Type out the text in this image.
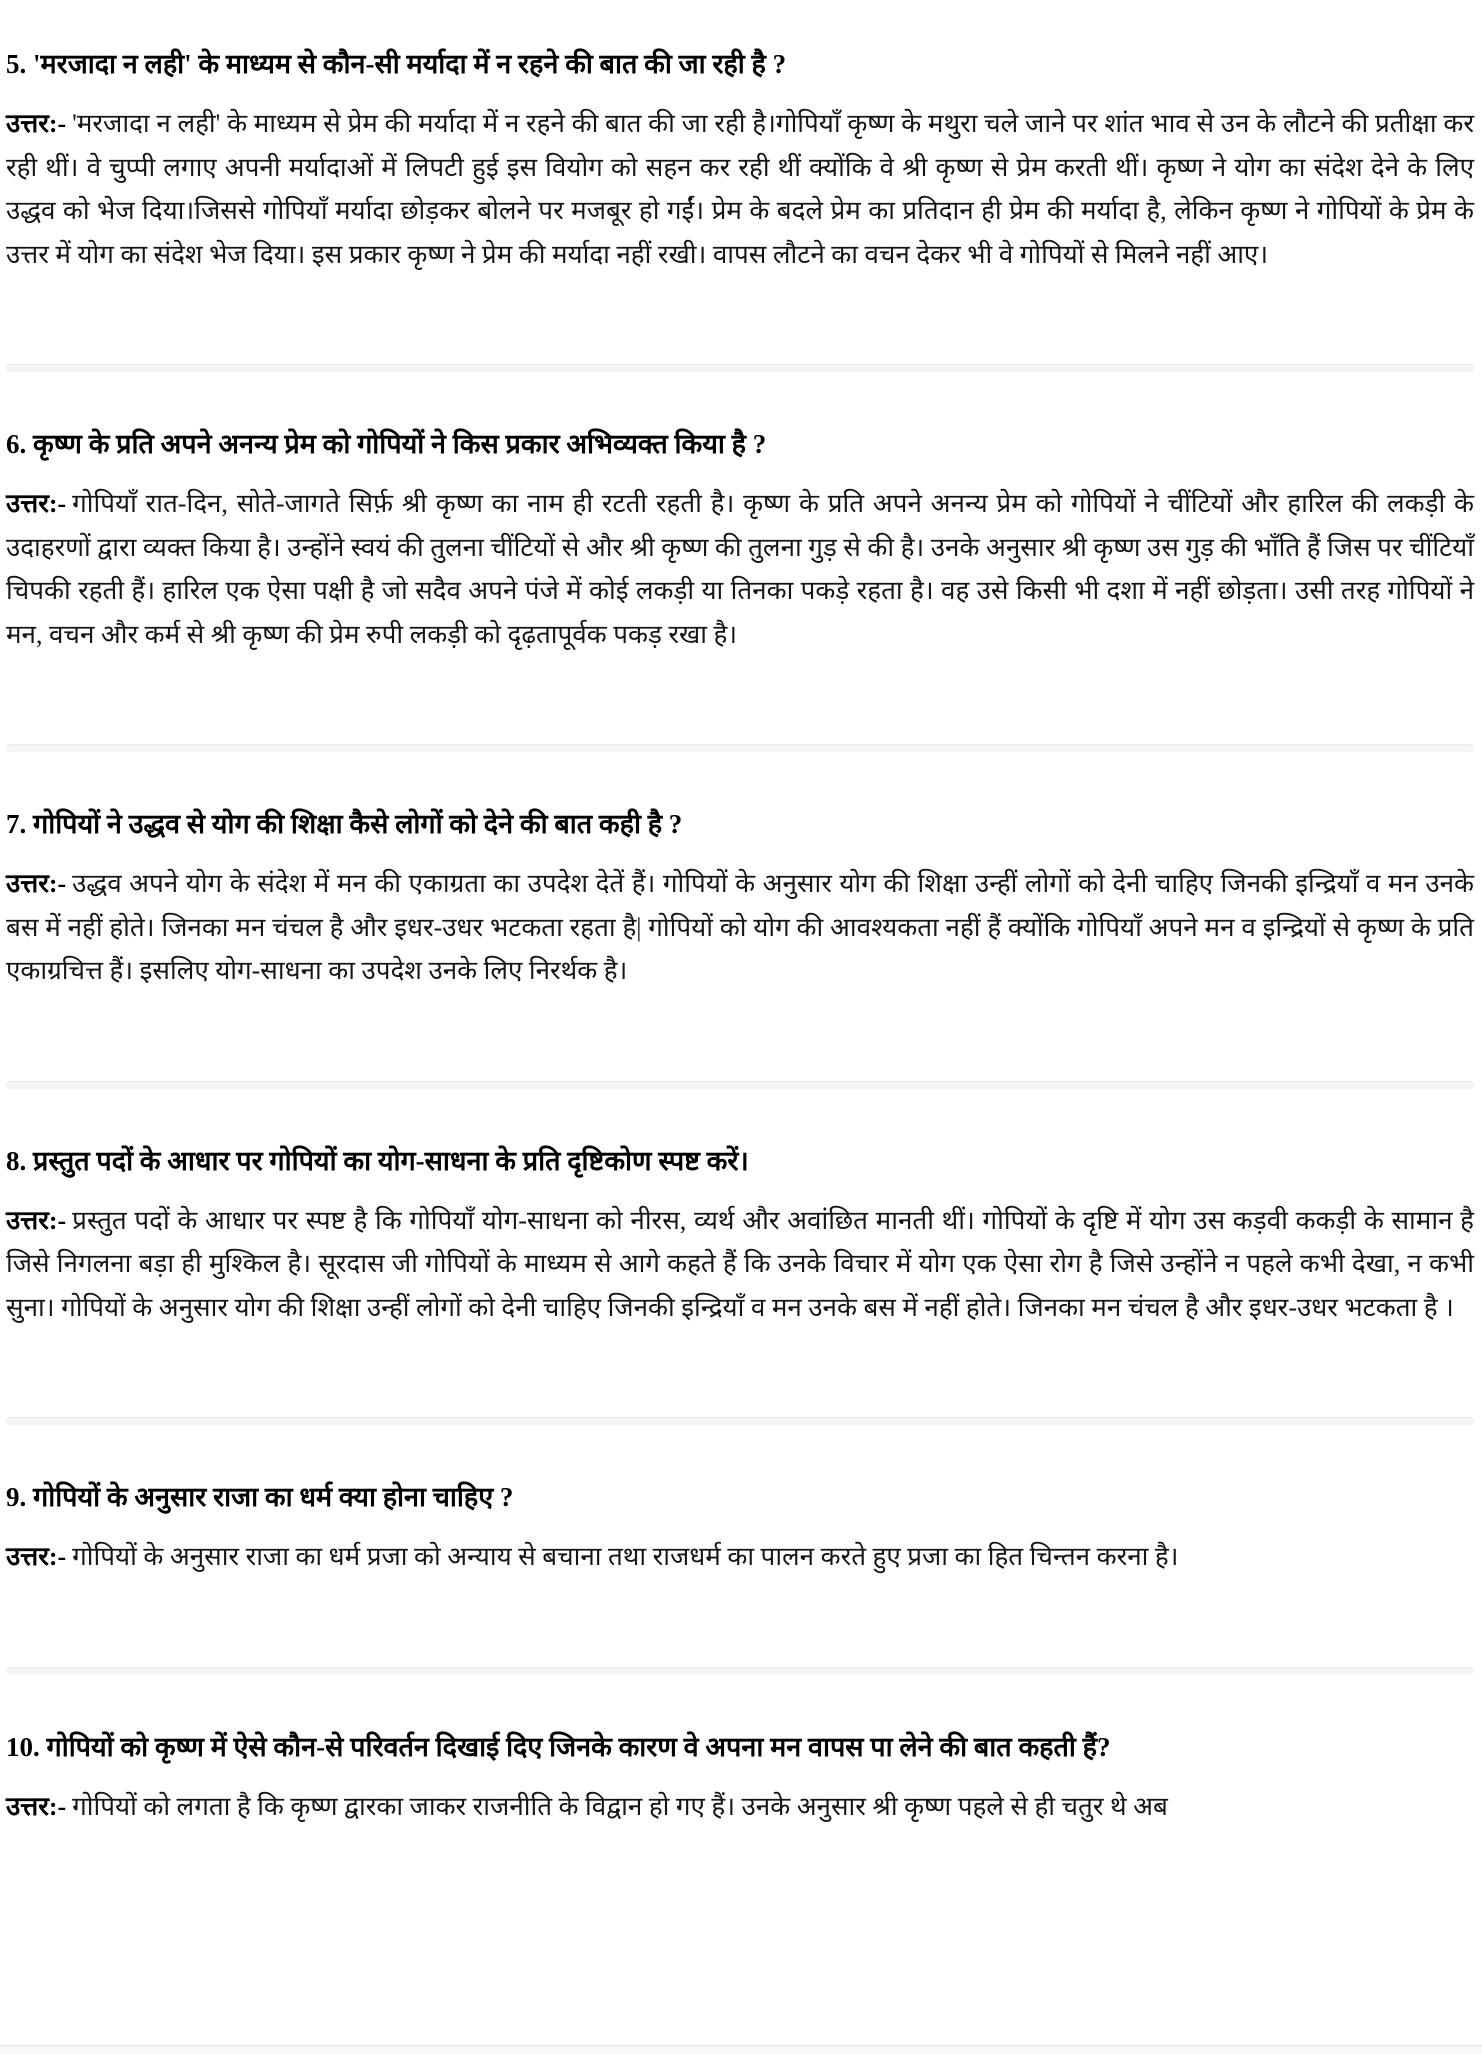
5. 'मरजादा न लही' के माध्यम से कौन-सी मर्यादा में न रहने की बात की जा रही है ?

उत्तर:- 'मरजादा न लही' के माध्यम से प्रेम की मर्यादा में न रहने की बात की जा रही है।गोपियाँ कृष्ण के मथुरा चले जाने पर शांत भाव से उन के लौटने की प्रतीक्षा कर रही थीं। वे चुप्पी लगाए अपनी मर्यादाओं में लिपटी हुई इस वियोग को सहन कर रही थीं क्योंकि वे श्री कृष्ण से प्रेम करती थीं। कृष्ण ने योग का संदेश देने के लिए उद्धव को भेज दिया।जिससे गोपियाँ मर्यादा छोड़कर बोलने पर मजबूर हो गईं। प्रेम के बदले प्रेम का प्रतिदान ही प्रेम की मर्यादा है, लेकिन कृष्ण ने गोपियों के प्रेम के उत्तर में योग का संदेश भेज दिया। इस प्रकार कृष्ण ने प्रेम की मर्यादा नहीं रखी। वापस लौटने का वचन देकर भी वे गोपियों से मिलने नहीं आए।

6. कृष्ण के प्रति अपने अनन्य प्रेम को गोपियों ने किस प्रकार अभिव्यक्त किया है ?

उत्तर:- गोपियाँ रात-दिन, सोते-जागते सिर्फ़ श्री कृष्ण का नाम ही रटती रहती है। कृष्ण के प्रति अपने अनन्य प्रेम को गोपियों ने चींटियों और हारिल की लकड़ी के उदाहरणों द्वारा व्यक्त किया है। उन्होंने स्वयं की तुलना चींटियों से और श्री कृष्ण की तुलना गुड़ से की है। उनके अनुसार श्री कृष्ण उस गुड़ की भाँति हैं जिस पर चींटियाँ चिपकी रहती हैं। हारिल एक ऐसा पक्षी है जो सदैव अपने पंजे में कोई लकड़ी या तिनका पकड़े रहता है। वह उसे किसी भी दशा में नहीं छोड़ता। उसी तरह गोपियों ने मन, वचन और कर्म से श्री कृष्ण की प्रेम रुपी लकड़ी को दृढ़तापूर्वक पकड़ रखा है।

7. गोपियों ने उद्धव से योग की शिक्षा कैसे लोगों को देने की बात कही है ?

उत्तर:- उद्धव अपने योग के संदेश में मन की एकाग्रता का उपदेश देतें हैं। गोपियों के अनुसार योग की शिक्षा उन्हीं लोगों को देनी चाहिए जिनकी इन्द्रियाँ व मन उनके बस में नहीं होते। जिनका मन चंचल है और इधर-उधर भटकता रहता है| गोपियों को योग की आवश्यकता नहीं हैं क्योंकि गोपियाँ अपने मन व इन्द्रियों से कृष्ण के प्रति एकाग्रचित्त हैं। इसलिए योग-साधना का उपदेश उनके लिए निरर्थक है।

8. प्रस्तुत पदों के आधार पर गोपियों का योग-साधना के प्रति दृष्टिकोण स्पष्ट करें।

उत्तर:- प्रस्तुत पदों के आधार पर स्पष्ट है कि गोपियाँ योग-साधना को नीरस, व्यर्थ और अवांछित मानती थीं। गोपियों के दृष्टि में योग उस कड़वी ककड़ी के सामान है जिसे निगलना बड़ा ही मुश्किल है। सूरदास जी गोपियों के माध्यम से आगे कहते हैं कि उनके विचार में योग एक ऐसा रोग है जिसे उन्होंने न पहले कभी देखा, न कभी सुना। गोपियों के अनुसार योग की शिक्षा उन्हीं लोगों को देनी चाहिए जिनकी इन्द्रियाँ व मन उनके बस में नहीं होते। जिनका मन चंचल है और इधर-उधर भटकता है ।

9. गोपियों के अनुसार राजा का धर्म क्या होना चाहिए ?

उत्तर:- गोपियों के अनुसार राजा का धर्म प्रजा को अन्याय से बचाना तथा राजधर्म का पालन करते हुए प्रजा का हित चिन्तन करना है।

10. गोपियों को कृष्ण में ऐसे कौन-से परिवर्तन दिखाई दिए जिनके कारण वे अपना मन वापस पा लेने की बात कहती हैं?

उत्तर:- गोपियों को लगता है कि कृष्ण द्वारका जाकर राजनीति के विद्वान हो गए हैं। उनके अनुसार श्री कृष्ण पहले से ही चतुर थे अब
